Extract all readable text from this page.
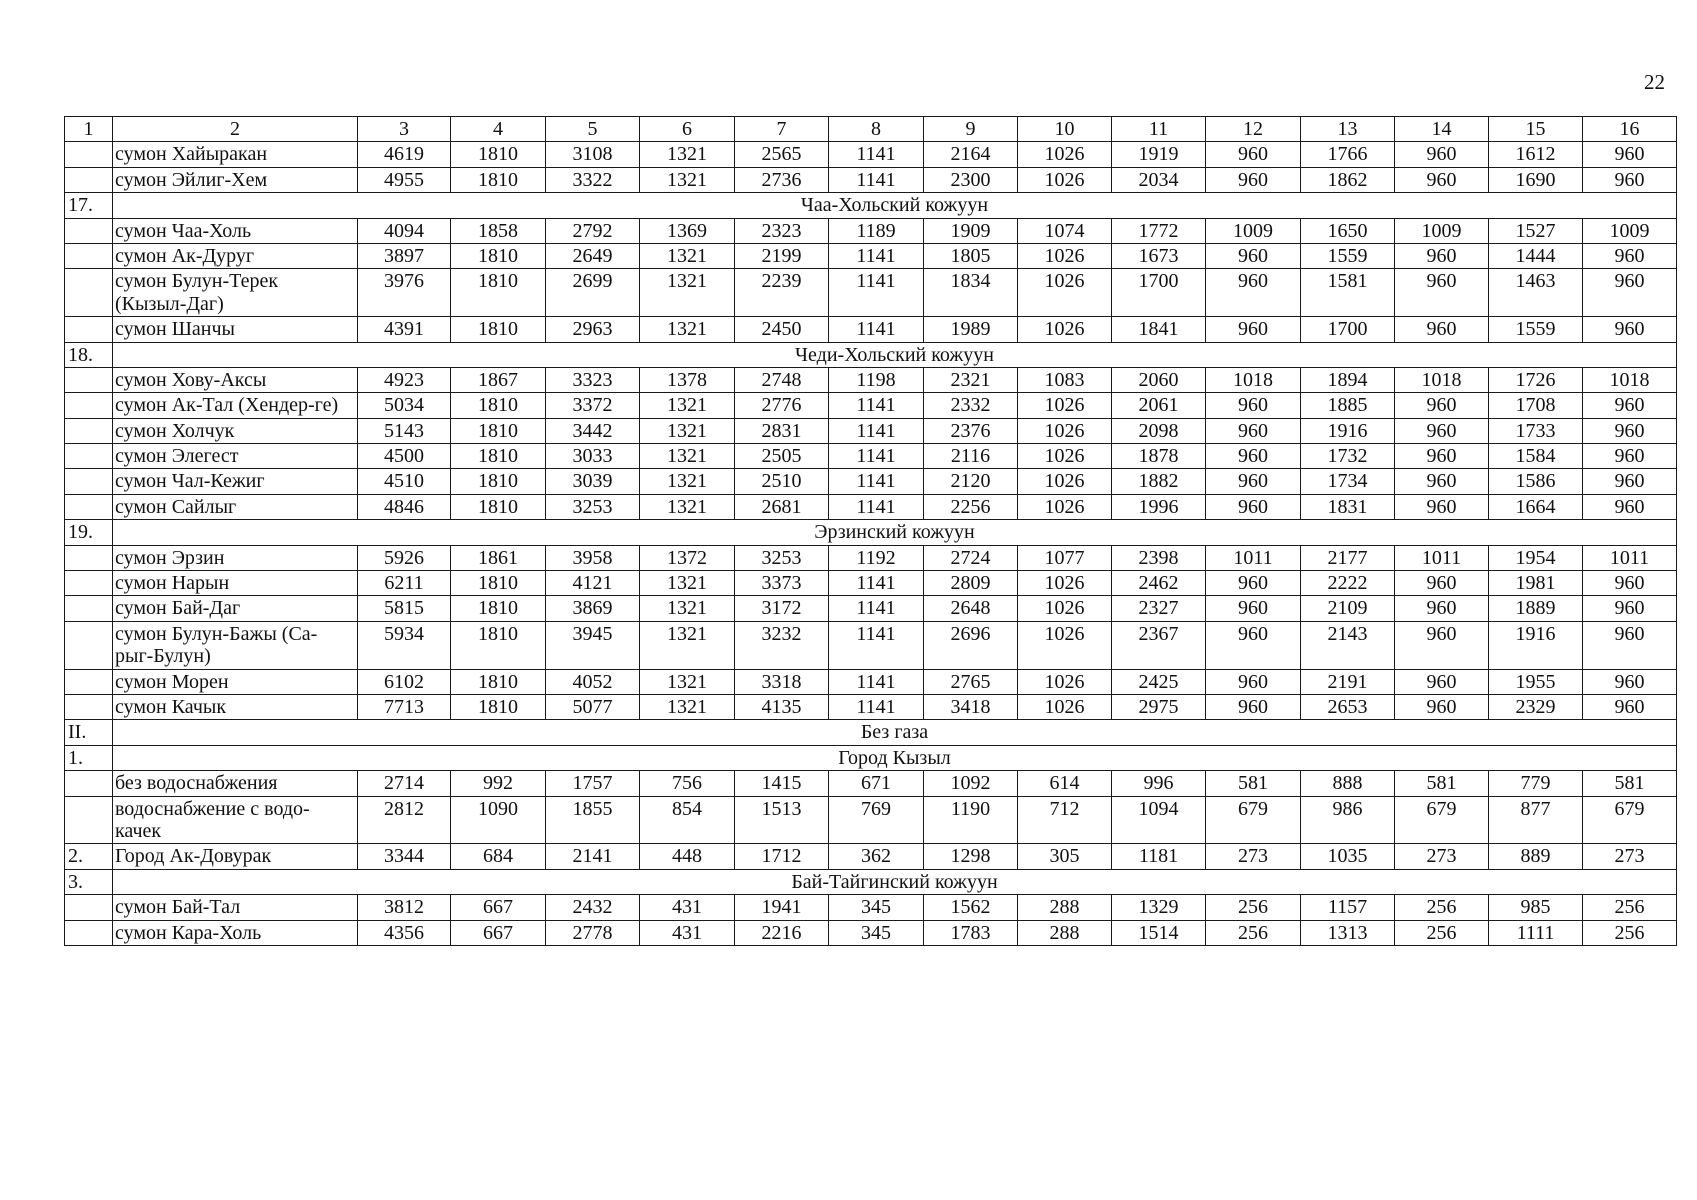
22
1	2	3	4	5	6	7	8	9	10	11	12	13	14	15	16
	сумон Хайыракан	4619	1810	3108	1321	2565	1141	2164	1026	1919	960	1766	960	1612	960
	сумон Эйлиг-Хем	4955	1810	3322	1321	2736	1141	2300	1026	2034	960	1862	960	1690	960
17.	Чаа-Хольский кожуун														
	сумон Чаа-Холь	4094	1858	2792	1369	2323	1189	1909	1074	1772	1009	1650	1009	1527	1009
	сумон Ак-Дуруг	3897	1810	2649	1321	2199	1141	1805	1026	1673	960	1559	960	1444	960
	сумон Булун-Терек (Кызыл-Даг)	3976	1810	2699	1321	2239	1141	1834	1026	1700	960	1581	960	1463	960
	сумон Шанчы	4391	1810	2963	1321	2450	1141	1989	1026	1841	960	1700	960	1559	960
18.	Чеди-Хольский кожуун														
	сумон Хову-Аксы	4923	1867	3323	1378	2748	1198	2321	1083	2060	1018	1894	1018	1726	1018
	сумон Ак-Тал (Хендер-ге)	5034	1810	3372	1321	2776	1141	2332	1026	2061	960	1885	960	1708	960
	сумон Холчук	5143	1810	3442	1321	2831	1141	2376	1026	2098	960	1916	960	1733	960
	сумон Элегест	4500	1810	3033	1321	2505	1141	2116	1026	1878	960	1732	960	1584	960
	сумон Чал-Кежиг	4510	1810	3039	1321	2510	1141	2120	1026	1882	960	1734	960	1586	960
	сумон Сайлыг	4846	1810	3253	1321	2681	1141	2256	1026	1996	960	1831	960	1664	960
19.	Эрзинский кожуун														
	сумон Эрзин	5926	1861	3958	1372	3253	1192	2724	1077	2398	1011	2177	1011	1954	1011
	сумон Нарын	6211	1810	4121	1321	3373	1141	2809	1026	2462	960	2222	960	1981	960
	сумон Бай-Даг	5815	1810	3869	1321	3172	1141	2648	1026	2327	960	2109	960	1889	960
	сумон Булун-Бажы (Са-рыг-Булун)	5934	1810	3945	1321	3232	1141	2696	1026	2367	960	2143	960	1916	960
	сумон Морен	6102	1810	4052	1321	3318	1141	2765	1026	2425	960	2191	960	1955	960
	сумон Качык	7713	1810	5077	1321	4135	1141	3418	1026	2975	960	2653	960	2329	960
II.	Без газа														
1.	Город Кызыл														
	без водоснабжения	2714	992	1757	756	1415	671	1092	614	996	581	888	581	779	581
	водоснабжение с водо-качек	2812	1090	1855	854	1513	769	1190	712	1094	679	986	679	877	679
2.	Город Ак-Довурак	3344	684	2141	448	1712	362	1298	305	1181	273	1035	273	889	273
3.	Бай-Тайгинский кожуун														
	сумон Бай-Тал	3812	667	2432	431	1941	345	1562	288	1329	256	1157	256	985	256
	сумон Кара-Холь	4356	667	2778	431	2216	345	1783	288	1514	256	1313	256	1111	256
